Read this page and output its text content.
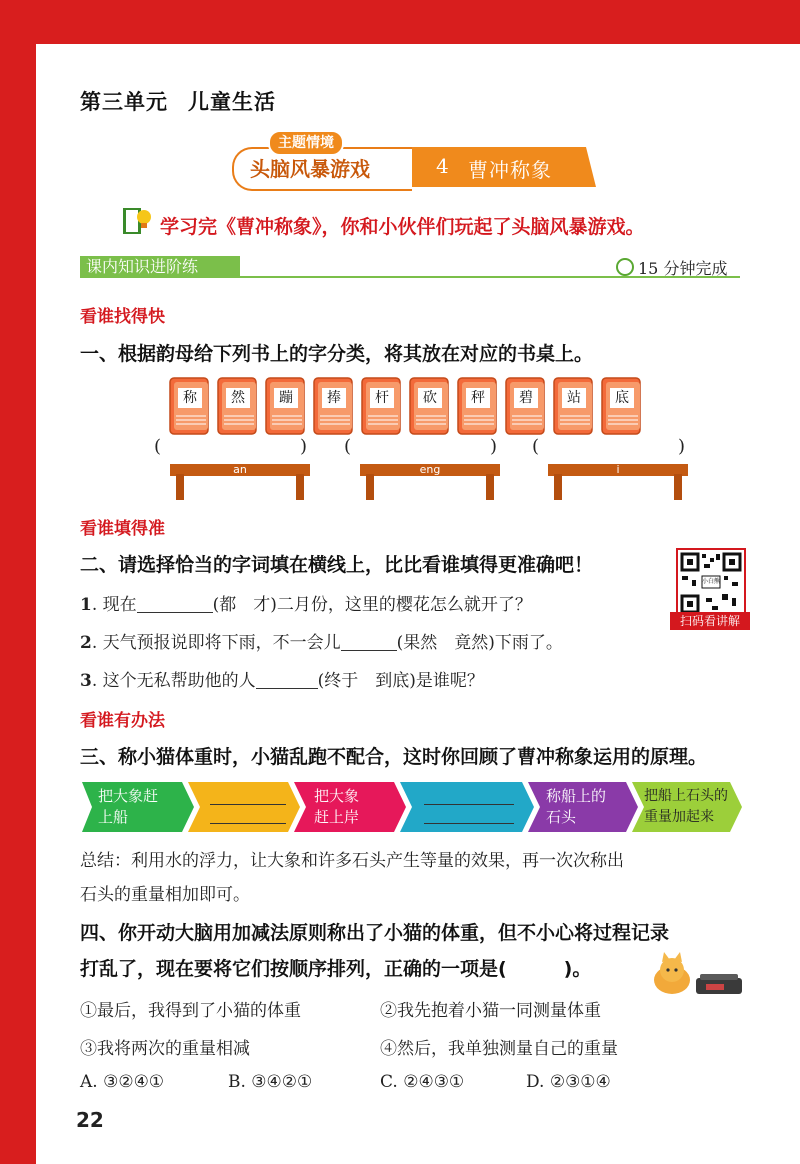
第三单元 儿童生活
主题情境
头脑风暴游戏	4 曹冲称象
学习完《曹冲称象》，你和小伙伴们玩起了头脑风暴游戏。
课内知识进阶练	15 分钟完成
看谁找得快
一、根据韵母给下列书上的字分类，将其放在对应的书桌上。
称	然	蹦	捧	杆	砍	秤	碧	站	底
(	)
an
(	)
eng
(	)
i
看谁填得准
二、请选择恰当的字词填在横线上，比比看谁填得更准确吧！
1. 现在	(都　才)二月份，这里的樱花怎么就开了？
2. 天气预报说即将下雨，不一会儿	(果然　竟然)下雨了。
3. 这个无私帮助他的人	(终于　到底)是谁呢？
小白熊
扫码看讲解
看谁有办法
三、称小猫体重时，小猫乱跑不配合，这时你回顾了曹冲称象运用的原理。
把大象赶
上船
把大象
赶上岸
称船上的
石头
把船上石头的
重量加起来
总结：利用水的浮力，让大象和许多石头产生等量的效果，再一次次称出
石头的重量相加即可。
四、你开动大脑用加减法原则称出了小猫的体重，但不小心将过程记录
打乱了，现在要将它们按顺序排列，正确的一项是(　　　)。
①最后，我得到了小猫的体重	②我先抱着小猫一同测量体重
③我将两次的重量相减	④然后，我单独测量自己的重量
A. ③②④①	B. ③④②①	C. ②④③①	D. ②③①④
22
